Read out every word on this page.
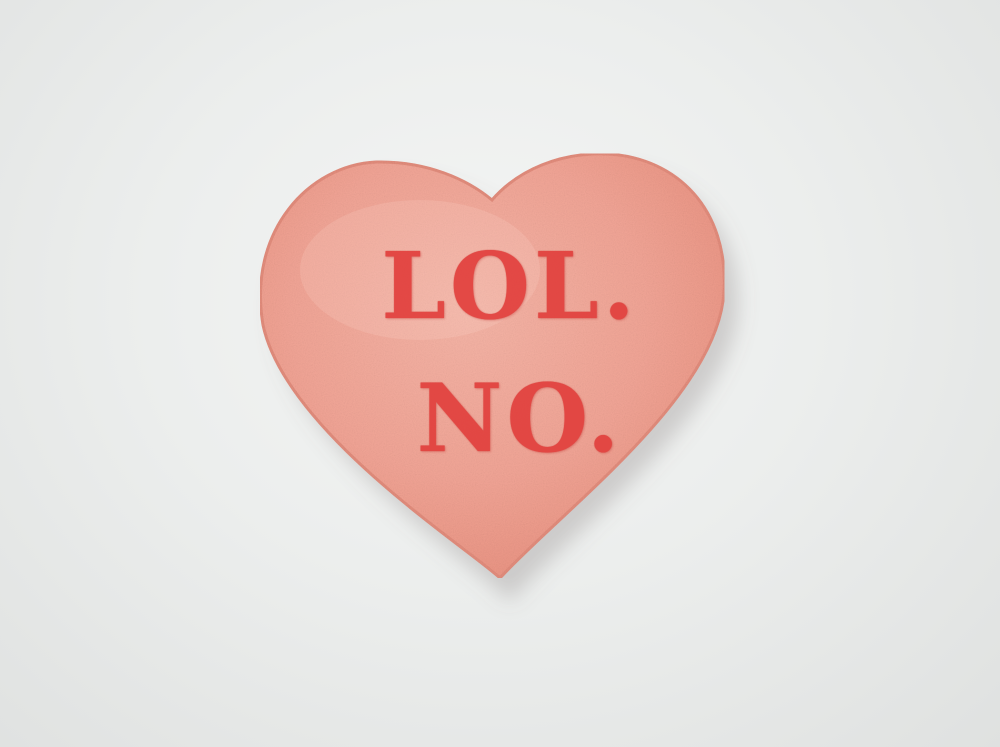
LOL.
NO.
